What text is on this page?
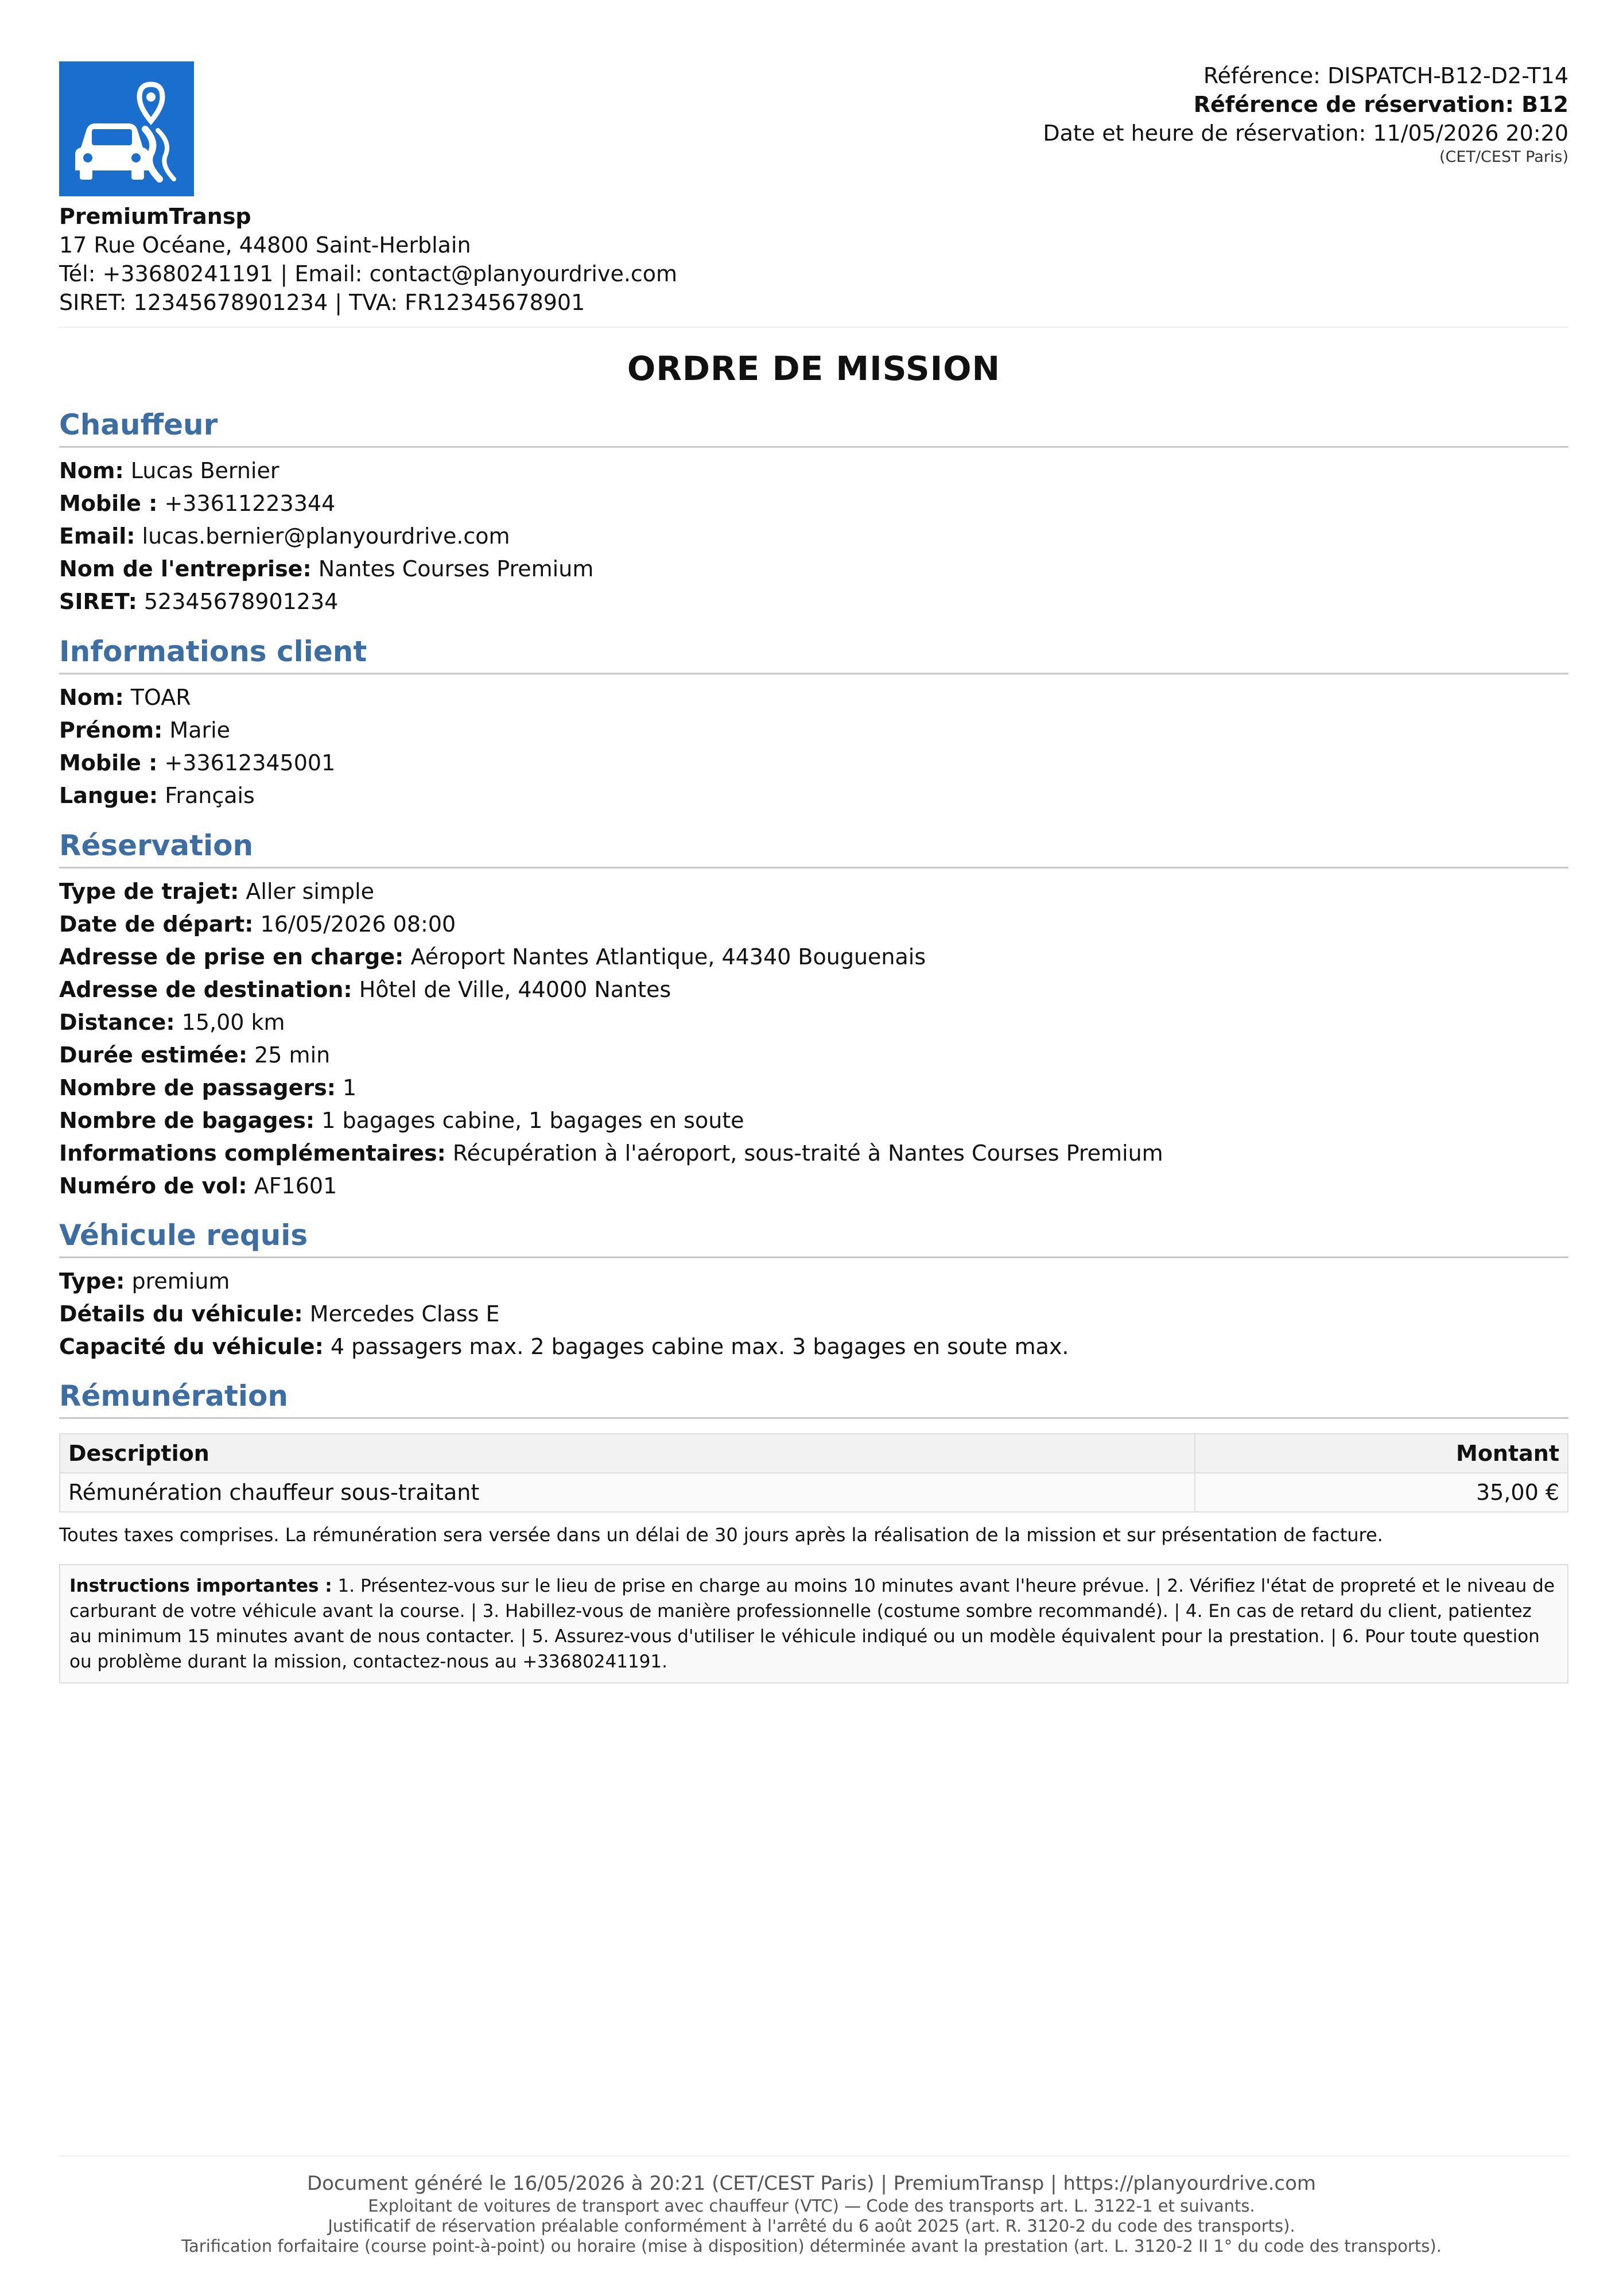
PremiumTransp
17 Rue Océane, 44800 Saint-Herblain
Tél: +33680241191 | Email: contact@planyourdrive.com
SIRET: 12345678901234 | TVA: FR12345678901
Référence: DISPATCH-B12-D2-T14
Référence de réservation: B12
Date et heure de réservation: 11/05/2026 20:20
(CET/CEST Paris)
ORDRE DE MISSION
Chauffeur
Nom: Lucas Bernier
Mobile : +33611223344
Email: lucas.bernier@planyourdrive.com
Nom de l'entreprise: Nantes Courses Premium
SIRET: 52345678901234
Informations client
Nom: TOAR
Prénom: Marie
Mobile : +33612345001
Langue: Français
Réservation
Type de trajet: Aller simple
Date de départ: 16/05/2026 08:00
Adresse de prise en charge: Aéroport Nantes Atlantique, 44340 Bouguenais
Adresse de destination: Hôtel de Ville, 44000 Nantes
Distance: 15,00 km
Durée estimée: 25 min
Nombre de passagers: 1
Nombre de bagages: 1 bagages cabine, 1 bagages en soute
Informations complémentaires: Récupération à l'aéroport, sous-traité à Nantes Courses Premium
Numéro de vol: AF1601
Véhicule requis
Type: premium
Détails du véhicule: Mercedes Class E
Capacité du véhicule: 4 passagers max. 2 bagages cabine max. 3 bagages en soute max.
Rémunération
Description	Montant
Rémunération chauffeur sous-traitant	35,00 €
Toutes taxes comprises. La rémunération sera versée dans un délai de 30 jours après la réalisation de la mission et sur présentation de facture.
Instructions importantes : 1. Présentez-vous sur le lieu de prise en charge au moins 10 minutes avant l'heure prévue. | 2. Vérifiez l'état de propreté et le niveau de carburant de votre véhicule avant la course. | 3. Habillez-vous de manière professionnelle (costume sombre recommandé). | 4. En cas de retard du client, patientez au minimum 15 minutes avant de nous contacter. | 5. Assurez-vous d'utiliser le véhicule indiqué ou un modèle équivalent pour la prestation. | 6. Pour toute question ou problème durant la mission, contactez-nous au +33680241191.
Document généré le 16/05/2026 à 20:21 (CET/CEST Paris) | PremiumTransp | https://planyourdrive.com
Exploitant de voitures de transport avec chauffeur (VTC) — Code des transports art. L. 3122-1 et suivants.
Justificatif de réservation préalable conformément à l'arrêté du 6 août 2025 (art. R. 3120-2 du code des transports).
Tarification forfaitaire (course point-à-point) ou horaire (mise à disposition) déterminée avant la prestation (art. L. 3120-2 II 1° du code des transports).
